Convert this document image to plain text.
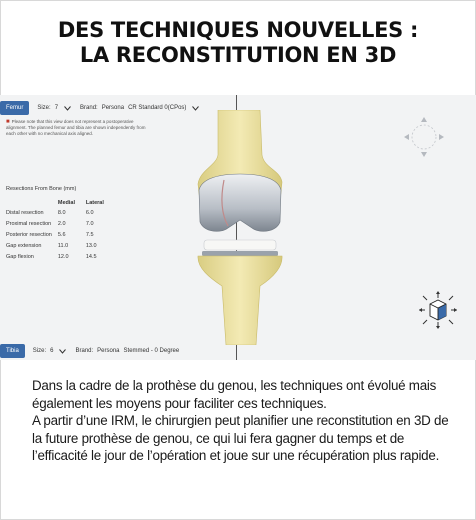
DES TECHNIQUES NOUVELLES :
LA RECONSTITUTION EN 3D
Femur	Size: 7	Brand: Persona CR Standard 0(CPos)
■ Please note that this view does not represent a postoperative alignment. The planned femur and tibia are shown independently from each other with no mechanical axis aligned.
Resections From Bone (mm)
	Medial	Lateral
Distal resection	8.0	6.0
Proximal resection	2.0	7.0
Posterior resection	5.6	7.5
Gap extension	11.0	13.0
Gap flexion	12.0	14.5
Tibia	Size: 6	Brand: Persona Stemmed - 0 Degree

Dans la cadre de la prothèse du genou, les techniques ont évolué mais également les moyens pour faciliter ces techniques.

A partir d’une IRM, le chirurgien peut planifier une reconstitution en 3D de la future prothèse de genou, ce qui lui fera gagner du temps et de l’efficacité le jour de l’opération et joue sur une récupération plus rapide.
